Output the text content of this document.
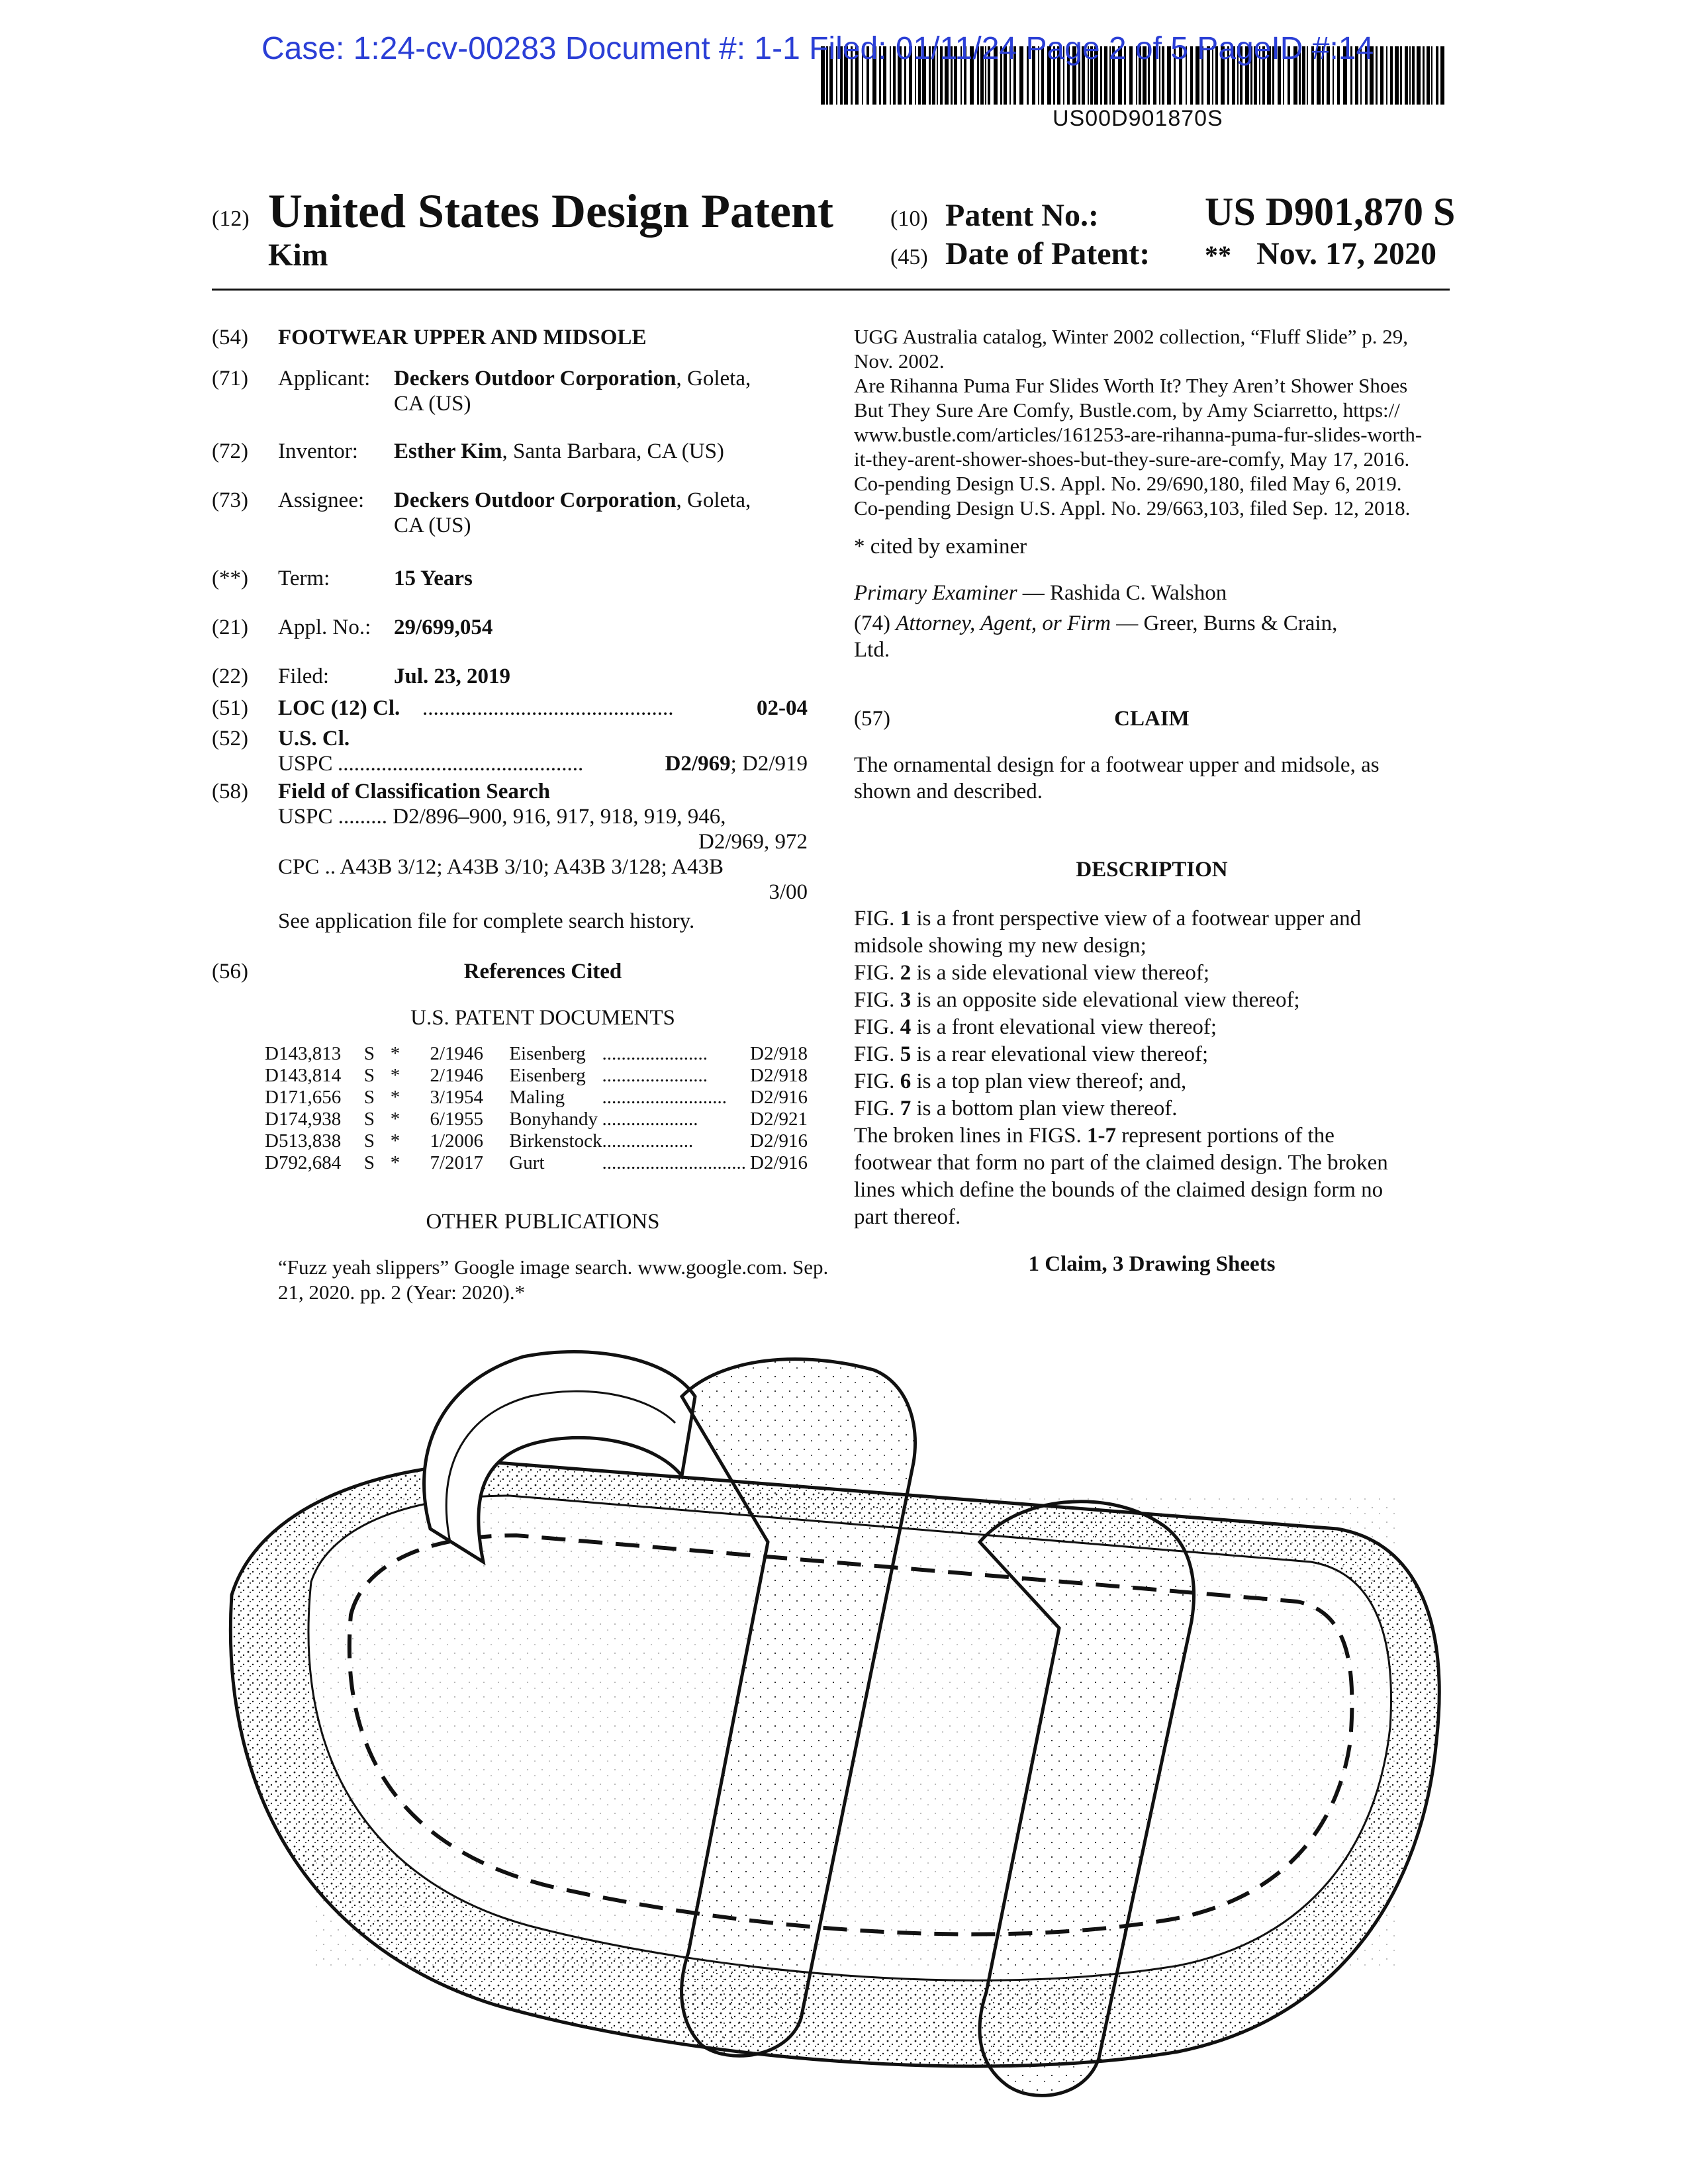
Case: 1:24-cv-00283 Document #: 1-1 Filed: 01/11/24 Page 2 of 5 PageID #:14
US00D901870S
(12) United States Design Patent
Kim
(10) Patent No.:	US D901,870 S
(45) Date of Patent: ** Nov. 17, 2020
(54)	FOOTWEAR UPPER AND MIDSOLE
(71)	Applicant: Deckers Outdoor Corporation, Goleta,
CA (US)
(72)	Inventor: Esther Kim, Santa Barbara, CA (US)
(73)	Assignee: Deckers Outdoor Corporation, Goleta,
CA (US)
(**)	Term:	15 Years
(21)	Appl. No.: 29/699,054
(22)	Filed:	Jul. 23, 2019
(51)	LOC (12) Cl. ..............................................	02-04
(52)	U.S. Cl.
USPC .............................................	D2/969; D2/919
(58)	Field of Classification Search
USPC ......... D2/896–900, 916, 917, 918, 919, 946,
D2/969, 972
CPC .. A43B 3/12; A43B 3/10; A43B 3/128; A43B
3/00
See application file for complete search history.
(56)	References Cited
U.S. PATENT DOCUMENTS
D143,813	S	*	2/1946	Eisenberg	......................	D2/918
D143,814	S	*	2/1946	Eisenberg	......................	D2/918
D171,656	S	*	3/1954	Maling	..........................	D2/916
D174,938	S	*	6/1955	Bonyhandy	....................	D2/921
D513,838	S	*	1/2006	Birkenstock	...................	D2/916
D792,684	S	*	7/2017	Gurt	..............................	D2/916
OTHER PUBLICATIONS
“Fuzz yeah slippers” Google image search. www.google.com. Sep.
21, 2020. pp. 2 (Year: 2020).*
UGG Australia catalog, Winter 2002 collection, “Fluff Slide” p. 29,
Nov. 2002.
Are Rihanna Puma Fur Slides Worth It? They Aren’t Shower Shoes
But They Sure Are Comfy, Bustle.com, by Amy Sciarretto, https://
www.bustle.com/articles/161253-are-rihanna-puma-fur-slides-worth-
it-they-arent-shower-shoes-but-they-sure-are-comfy, May 17, 2016.
Co-pending Design U.S. Appl. No. 29/690,180, filed May 6, 2019.
Co-pending Design U.S. Appl. No. 29/663,103, filed Sep. 12, 2018.
* cited by examiner
Primary Examiner — Rashida C. Walshon
(74) Attorney, Agent, or Firm — Greer, Burns & Crain,
Ltd.
(57)	CLAIM
The ornamental design for a footwear upper and midsole, as
shown and described.
DESCRIPTION
FIG. 1 is a front perspective view of a footwear upper and
midsole showing my new design;
FIG. 2 is a side elevational view thereof;
FIG. 3 is an opposite side elevational view thereof;
FIG. 4 is a front elevational view thereof;
FIG. 5 is a rear elevational view thereof;
FIG. 6 is a top plan view thereof; and,
FIG. 7 is a bottom plan view thereof.
The broken lines in FIGS. 1-7 represent portions of the
footwear that form no part of the claimed design. The broken
lines which define the bounds of the claimed design form no
part thereof.
1 Claim, 3 Drawing Sheets
